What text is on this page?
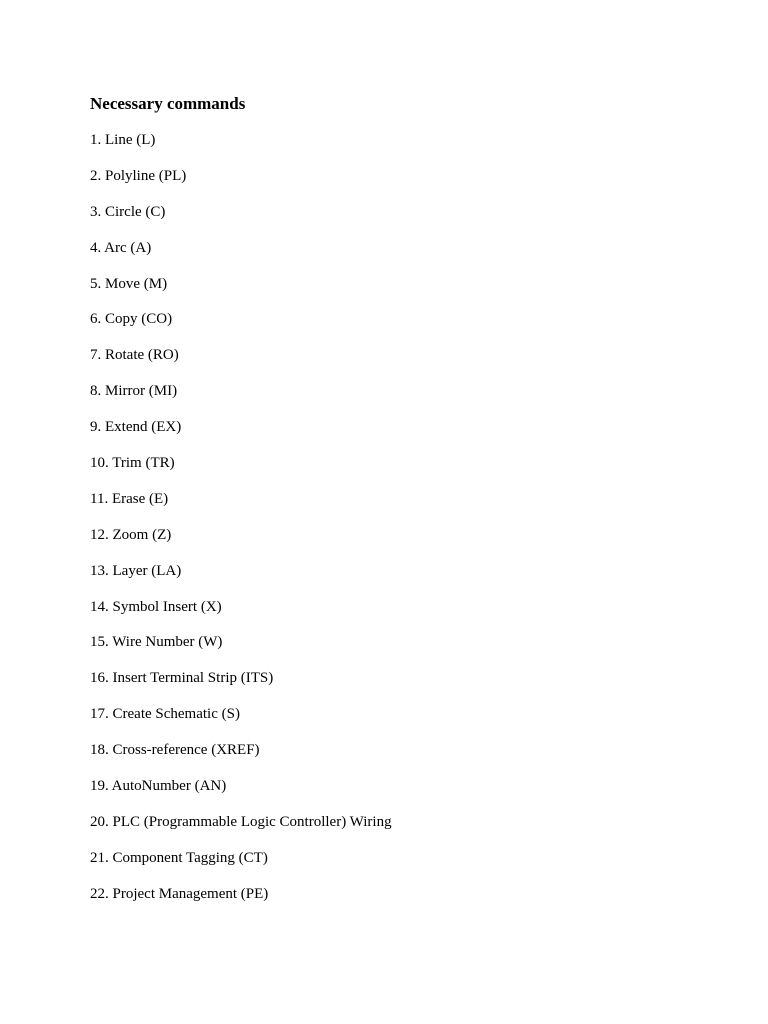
Necessary commands
1. Line (L)
2. Polyline (PL)
3. Circle (C)
4. Arc (A)
5. Move (M)
6. Copy (CO)
7. Rotate (RO)
8. Mirror (MI)
9. Extend (EX)
10. Trim (TR)
11. Erase (E)
12. Zoom (Z)
13. Layer (LA)
14. Symbol Insert (X)
15. Wire Number (W)
16. Insert Terminal Strip (ITS)
17. Create Schematic (S)
18. Cross-reference (XREF)
19. AutoNumber (AN)
20. PLC (Programmable Logic Controller) Wiring
21. Component Tagging (CT)
22. Project Management (PE)
